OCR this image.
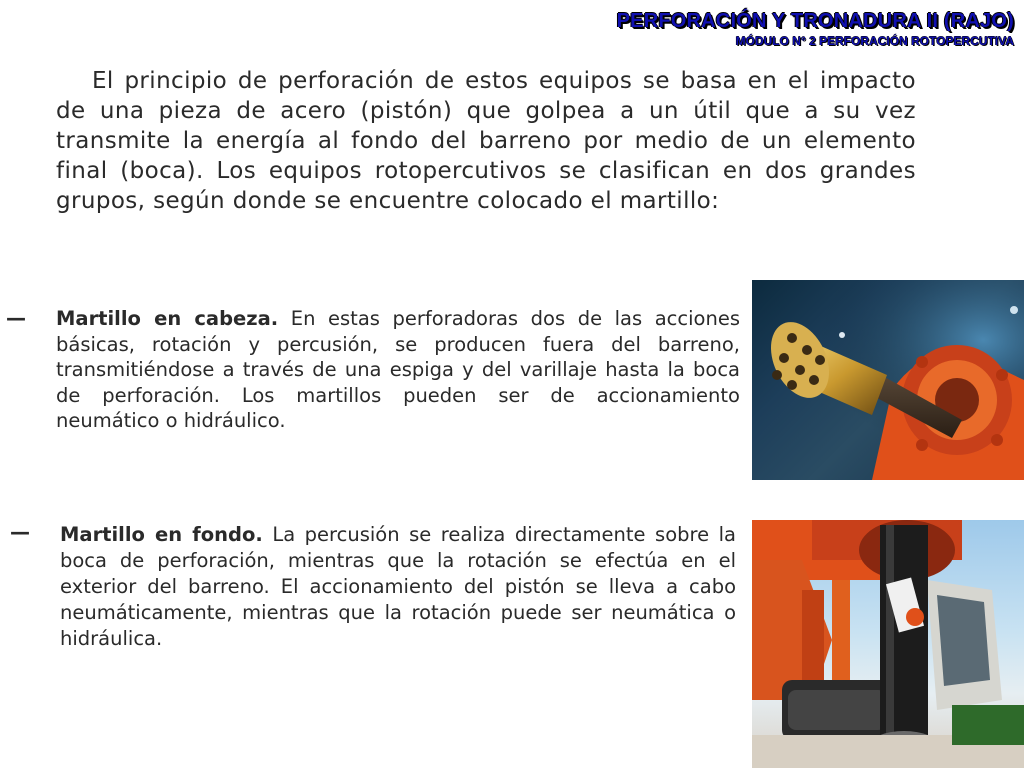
PERFORACIÓN Y TRONADURA II (RAJO)
MÓDULO N° 2 PERFORACIÓN ROTOPERCUTIVA

El principio de perforación de estos equipos se basa en el impacto de una pieza de acero (pistón) que golpea a un útil que a su vez transmite la energía al fondo del barreno por medio de un elemento final (boca). Los equipos rotopercutivos se clasifican en dos grandes grupos, según donde se encuentre colocado el martillo:

— Martillo en cabeza. En estas perforadoras dos de las acciones básicas, rotación y percusión, se producen fuera del barreno, transmitiéndose a través de una espiga y del varillaje hasta la boca de perforación. Los martillos pueden ser de accionamiento neumático o hidráulico.

— Martillo en fondo. La percusión se realiza directamente sobre la boca de perforación, mientras que la rotación se efectúa en el exterior del barreno. El accionamiento del pistón se lleva a cabo neumáticamente, mientras que la rotación puede ser neumática o hidráulica.
